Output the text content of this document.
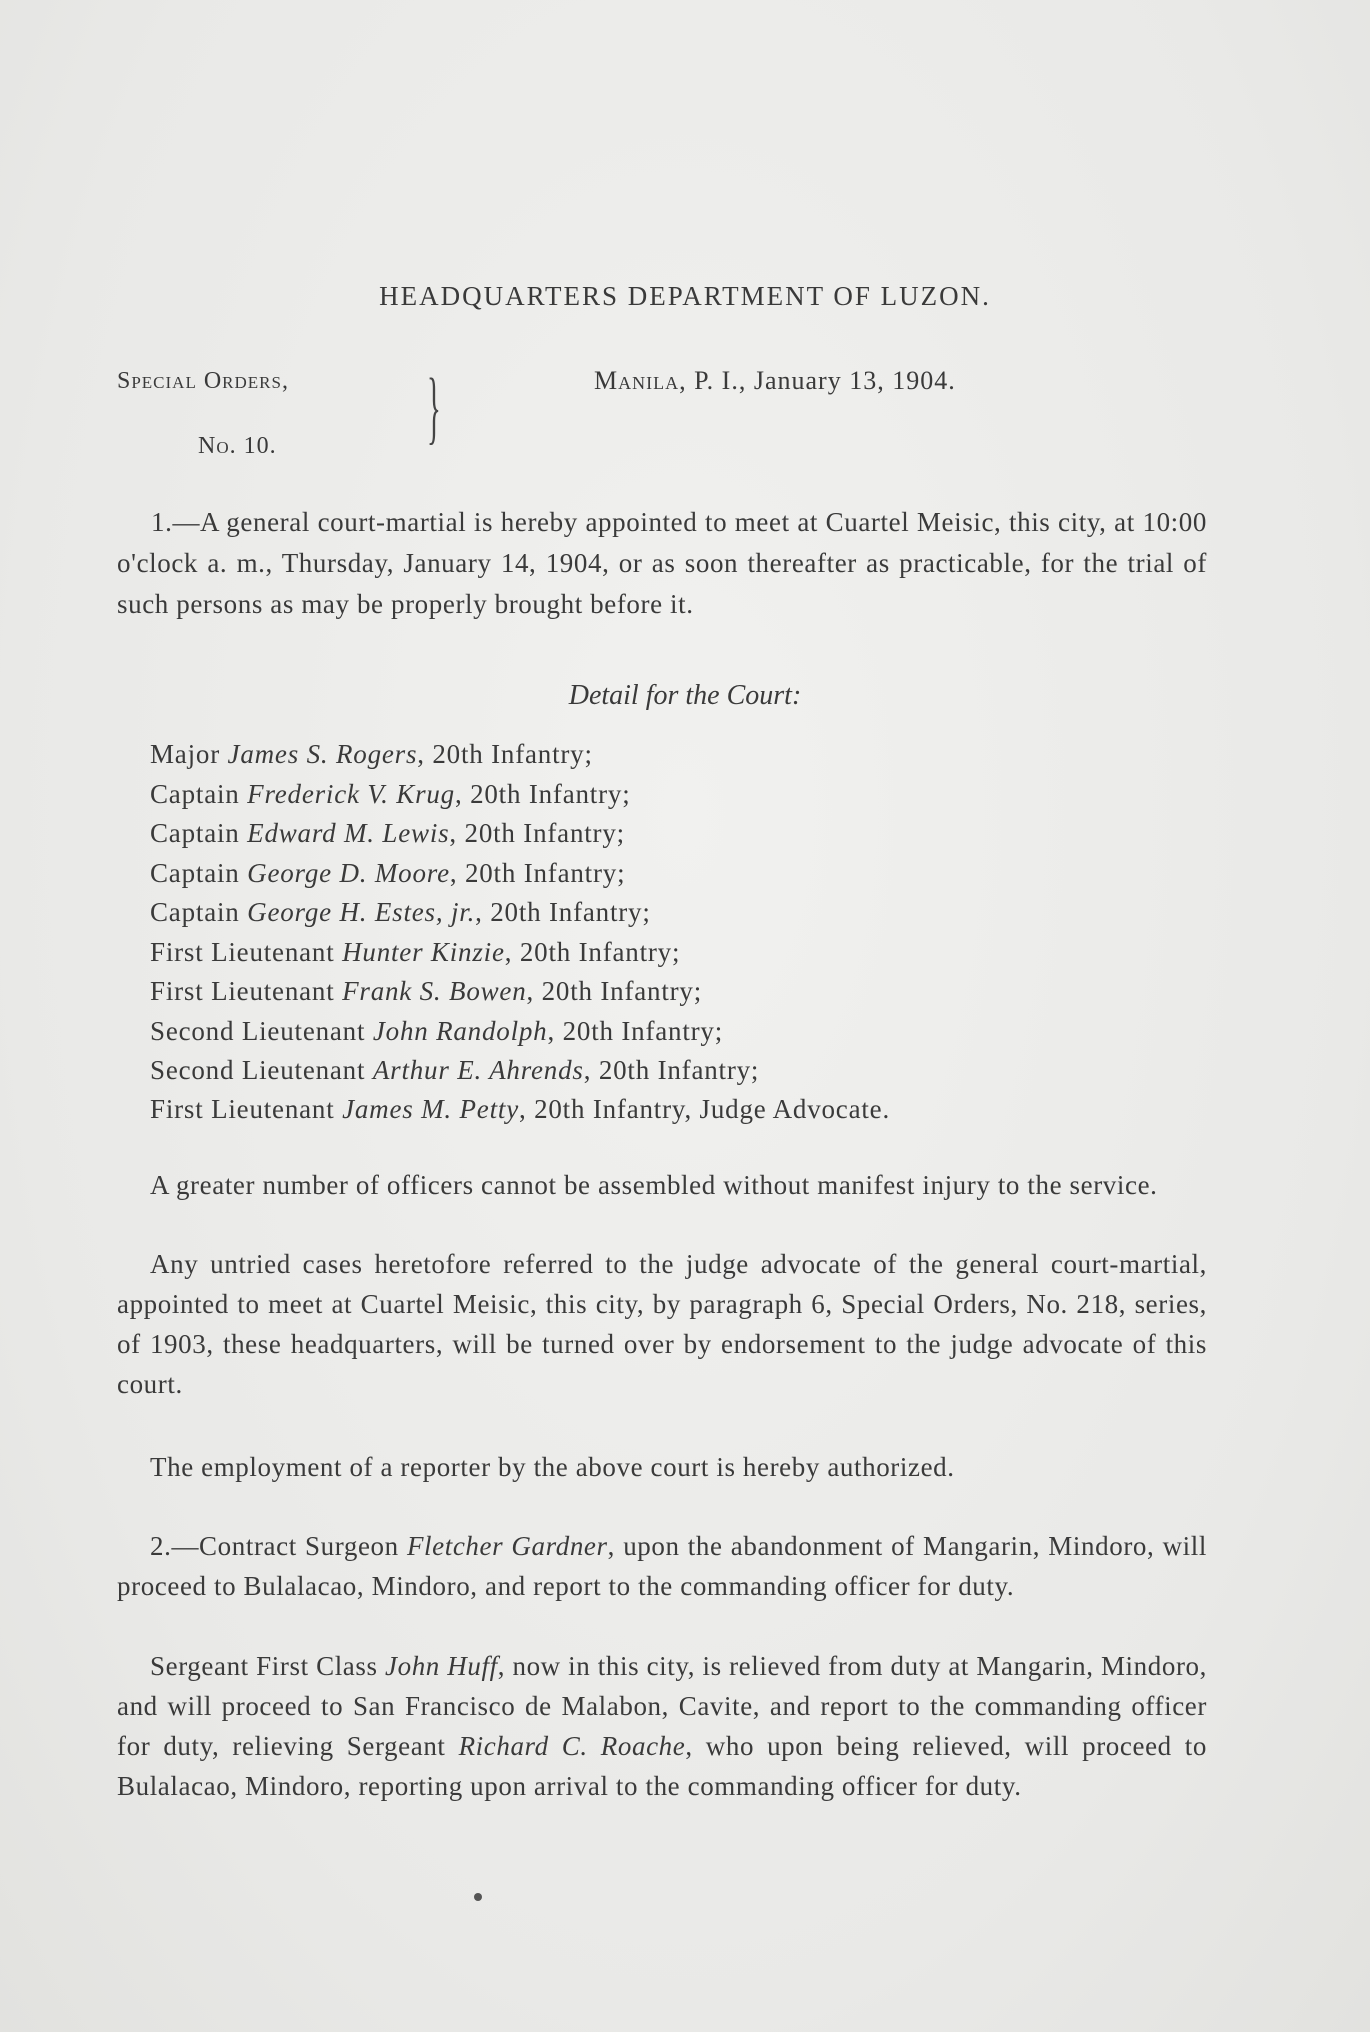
HEADQUARTERS DEPARTMENT OF LUZON.
Special Orders,
No. 10. }	Manila, P. I., January 13, 1904.
1.—A general court-martial is hereby appointed to meet at Cuartel Meisic, this city, at 10:00 o'clock a. m., Thursday, January 14, 1904, or as soon thereafter as practicable, for the trial of such persons as may be properly brought before it.
Detail for the Court:
Major James S. Rogers, 20th Infantry;
Captain Frederick V. Krug, 20th Infantry;
Captain Edward M. Lewis, 20th Infantry;
Captain George D. Moore, 20th Infantry;
Captain George H. Estes, jr., 20th Infantry;
First Lieutenant Hunter Kinzie, 20th Infantry;
First Lieutenant Frank S. Bowen, 20th Infantry;
Second Lieutenant John Randolph, 20th Infantry;
Second Lieutenant Arthur E. Ahrends, 20th Infantry;
First Lieutenant James M. Petty, 20th Infantry, Judge Advocate.
A greater number of officers cannot be assembled without manifest injury to the service.
Any untried cases heretofore referred to the judge advocate of the general court-martial, appointed to meet at Cuartel Meisic, this city, by paragraph 6, Special Orders, No. 218, series, of 1903, these headquarters, will be turned over by endorsement to the judge advocate of this court.
The employment of a reporter by the above court is hereby authorized.
2.—Contract Surgeon Fletcher Gardner, upon the abandonment of Mangarin, Mindoro, will proceed to Bulalacao, Mindoro, and report to the commanding officer for duty.
Sergeant First Class John Huff, now in this city, is relieved from duty at Mangarin, Mindoro, and will proceed to San Francisco de Malabon, Cavite, and report to the commanding officer for duty, relieving Sergeant Richard C. Roache, who upon being relieved, will proceed to Bulalacao, Mindoro, reporting upon arrival to the commanding officer for duty.
